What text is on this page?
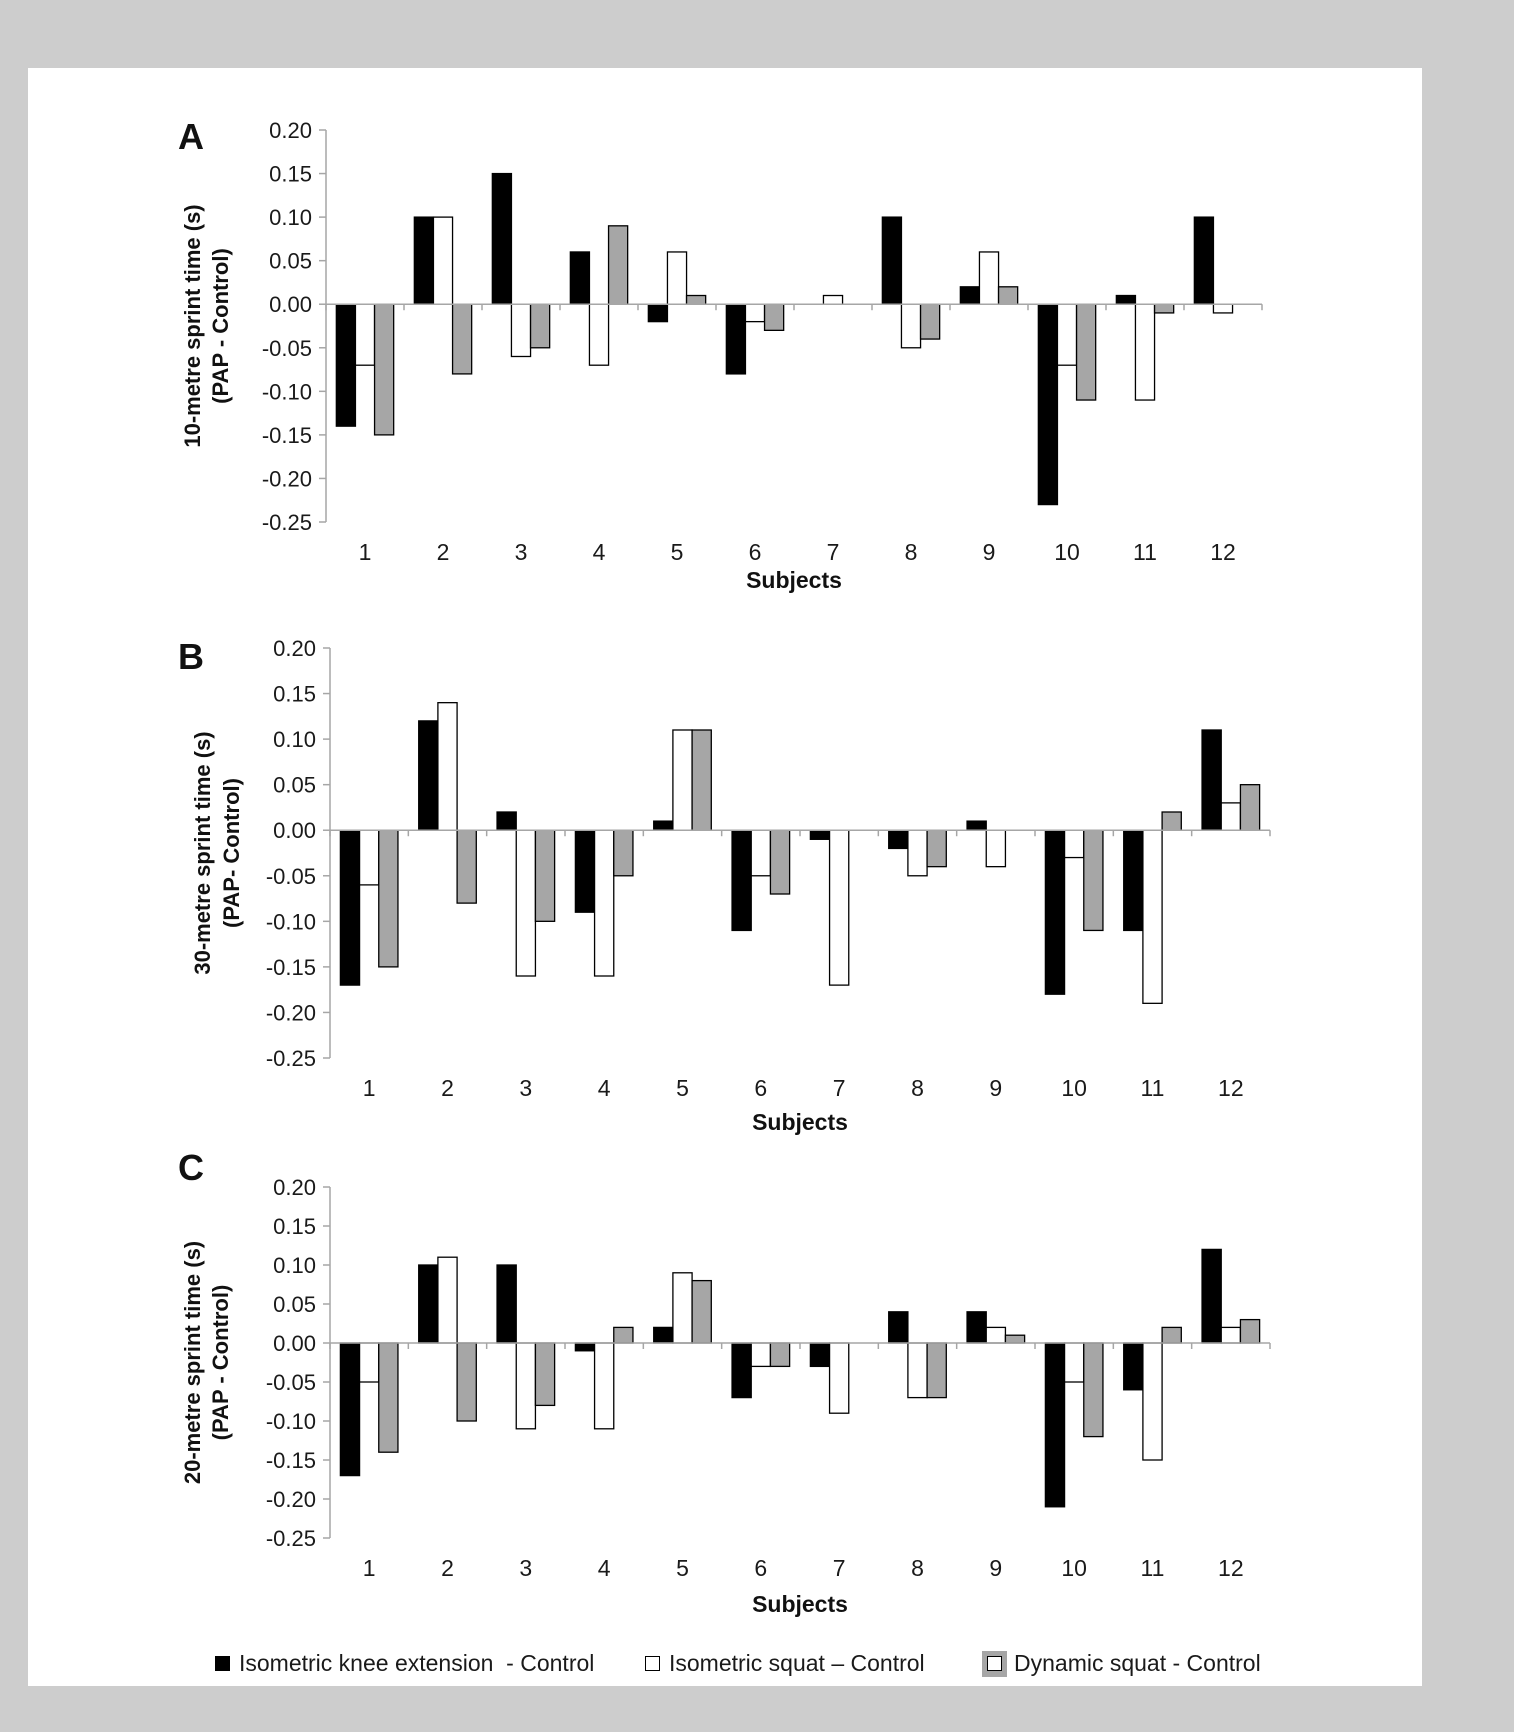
A	0.20
0.15
0.10
0.05
0.00
-0.05
-0.10
-0.15
-0.20
-0.25
1	2	3	4	5	6	7	8	9	10 11 12
Subjects
10-metre sprint time (s) (PAP - Control)
B	0.20
0.15
0.10
0.05
0.00
-0.05
-0.10
-0.15
-0.20
-0.25
1	2	3	4	5	6	7	8	9	10 11 12
Subjects
30-metre sprint time (s) (PAP- Control)
C	0.20
0.15
0.10
0.05
0.00
-0.05
-0.10
-0.15
-0.20
-0.25
1	2	3	4	5	6	7	8	9	10 11 12
Subjects
20-metre sprint time (s) (PAP - Control)
Isometric knee extension  - Control	Isometric squat – Control

	Dynamic squat - Control
